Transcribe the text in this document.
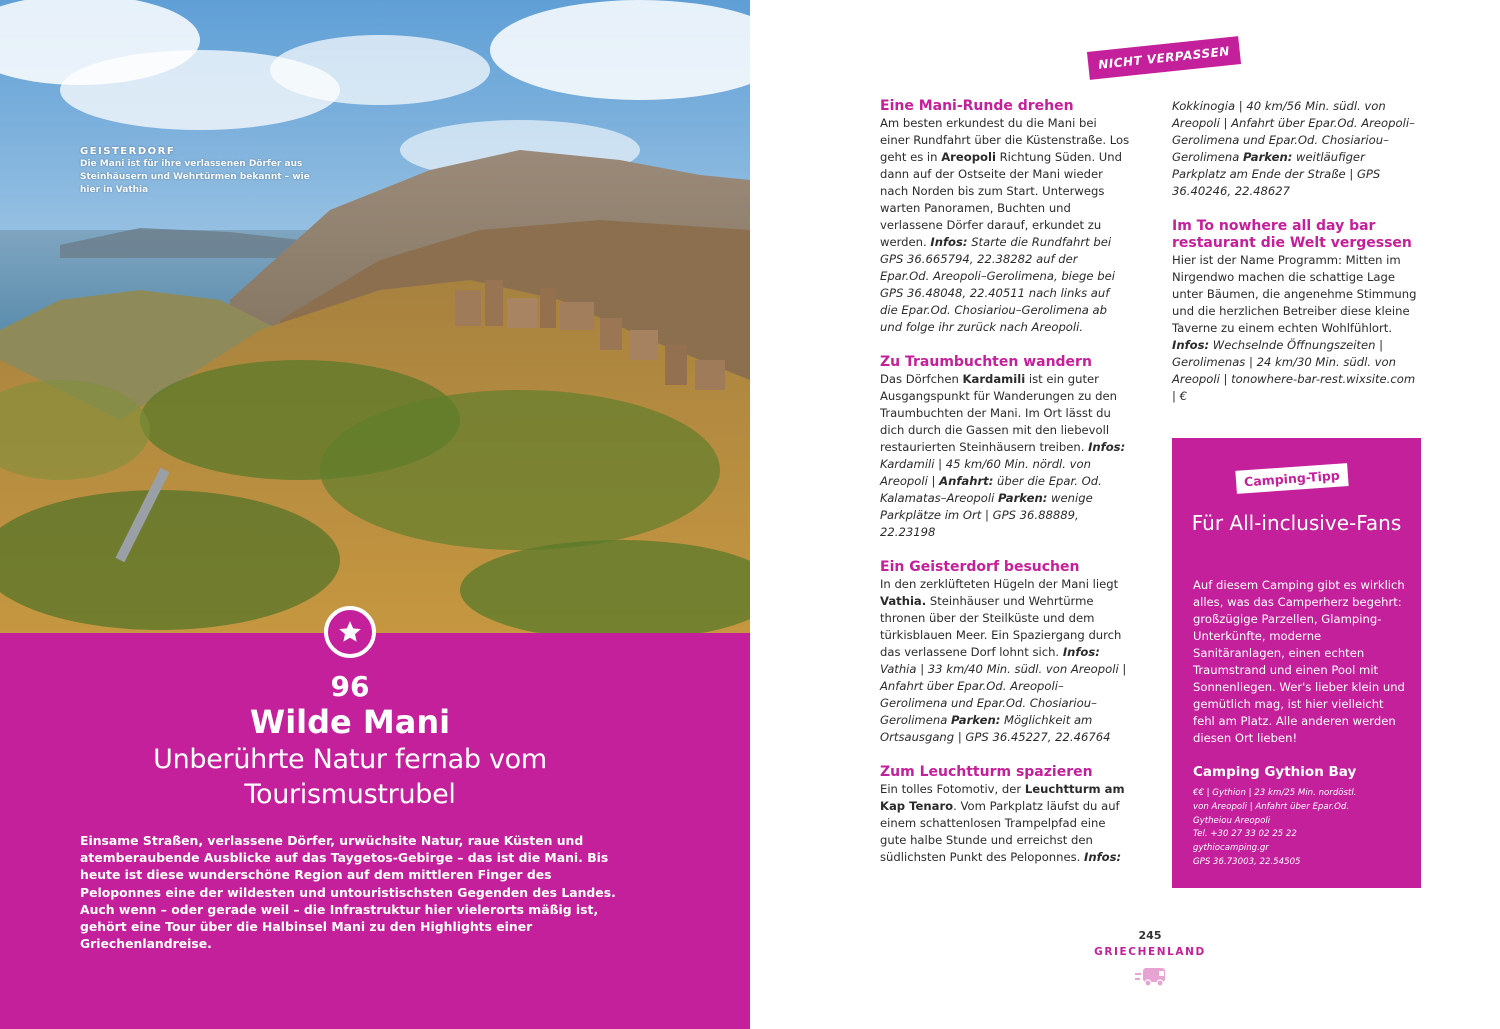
GEISTERDORF
Die Mani ist für ihre verlassenen Dörfer aus Steinhäusern und Wehrtürmen bekannt – wie hier in Vathia
96
Wilde Mani
Unberührte Natur fernab vom Tourismustrubel
Einsame Straßen, verlassene Dörfer, urwüchsite Natur, raue Küsten und atemberaubende Ausblicke auf das Taygetos-Gebirge – das ist die Mani. Bis heute ist diese wunderschöne Region auf dem mittleren Finger des Peloponnes eine der wildesten und untouristischsten Gegenden des Landes. Auch wenn – oder gerade weil – die Infrastruktur hier vielerorts mäßig ist, gehört eine Tour über die Halbinsel Mani zu den Highlights einer Griechenlandreise.
NICHT VERPASSEN
Eine Mani-Runde drehen
Am besten erkundest du die Mani bei einer Rundfahrt über die Küstenstraße. Los geht es in Areopoli Richtung Süden. Und dann auf der Ostseite der Mani wieder nach Norden bis zum Start. Unterwegs warten Panoramen, Buchten und verlassene Dörfer darauf, erkundet zu werden. Infos: Starte die Rundfahrt bei GPS 36.665794, 22.38282 auf der Epar.Od. Areopoli–Gerolimena, biege bei GPS 36.48048, 22.40511 nach links auf die Epar.Od. Chosiariou–Gerolimena ab und folge ihr zurück nach Areopoli.
Zu Traumbuchten wandern
Das Dörfchen Kardamili ist ein guter Ausgangspunkt für Wanderungen zu den Traumbuchten der Mani. Im Ort lässt du dich durch die Gassen mit den liebevoll restaurierten Steinhäusern treiben. Infos: Kardamili | 45 km/60 Min. nördl. von Areopoli | Anfahrt: über die Epar. Od. Kalamatas–Areopoli Parken: wenige Parkplätze im Ort | GPS 36.88889, 22.23198
Ein Geisterdorf besuchen
In den zerklüfteten Hügeln der Mani liegt Vathia. Steinhäuser und Wehrtürme thronen über der Steilküste und dem türkisblauen Meer. Ein Spaziergang durch das verlassene Dorf lohnt sich. Infos: Vathia | 33 km/40 Min. südl. von Areopoli | Anfahrt über Epar.Od. Areopoli–Gerolimena und Epar.Od. Chosiariou–Gerolimena Parken: Möglichkeit am Ortsausgang | GPS 36.45227, 22.46764
Zum Leuchtturm spazieren
Ein tolles Fotomotiv, der Leuchtturm am Kap Tenaro. Vom Parkplatz läufst du auf einem schattenlosen Trampelpfad eine gute halbe Stunde und erreichst den südlichsten Punkt des Peloponnes. Infos:
Kokkinogia | 40 km/56 Min. südl. von Areopoli | Anfahrt über Epar.Od. Areopoli–Gerolimena und Epar.Od. Chosiariou–Gerolimena Parken: weitläufiger Parkplatz am Ende der Straße | GPS 36.40246, 22.48627
Im To nowhere all day bar restaurant die Welt vergessen
Hier ist der Name Programm: Mitten im Nirgendwo machen die schattige Lage unter Bäumen, die angenehme Stimmung und die herzlichen Betreiber diese kleine Taverne zu einem echten Wohlfühlort. Infos: Wechselnde Öffnungszeiten | Gerolimenas | 24 km/30 Min. südl. von Areopoli | tonowhere-bar-rest.wixsite.com | €
Camping-Tipp
Für All-inclusive-Fans
Auf diesem Camping gibt es wirklich alles, was das Camperherz begehrt: großzügige Parzellen, Glamping-Unterkünfte, moderne Sanitäranlagen, einen echten Traumstrand und einen Pool mit Sonnenliegen. Wer's lieber klein und gemütlich mag, ist hier vielleicht fehl am Platz. Alle anderen werden diesen Ort lieben!
Camping Gythion Bay
€€ | Gythion | 23 km/25 Min. nordöstl.
von Areopoli | Anfahrt über Epar.Od.
Gytheiou Areopoli
Tel. +30 27 33 02 25 22
gythiocamping.gr
GPS 36.73003, 22.54505
245
GRIECHENLAND
